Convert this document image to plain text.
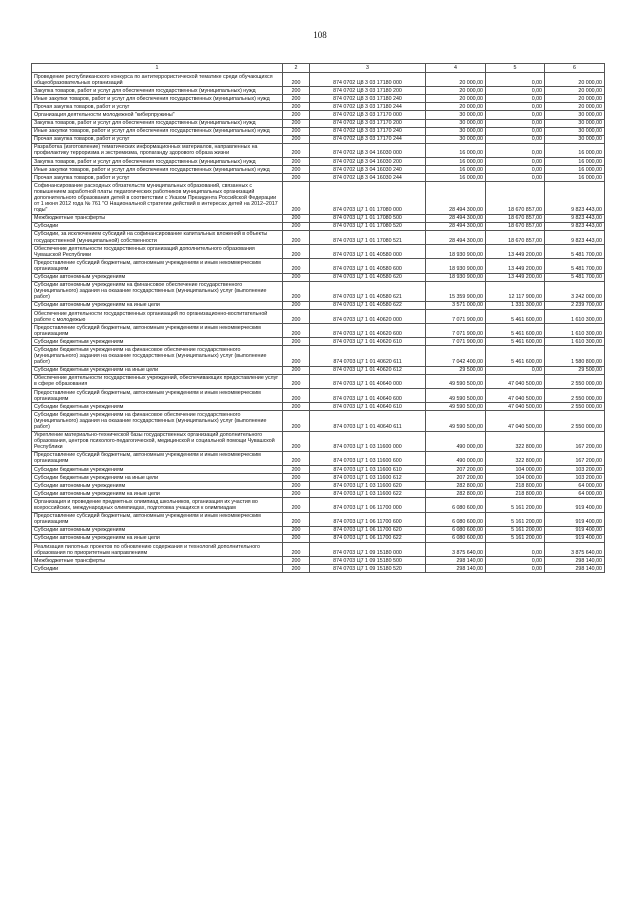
108
1	2	3	4	5	6
Проведение республиканского конкурса по антитеррористической тематике среди обучающихся общеобразовательных организаций	200	874 0702 Ц8 3 03 17180 000	20 000,00	0,00	20 000,00
Закупка товаров, работ и услуг для обеспечения государственных (муниципальных) нужд	200	874 0702 Ц8 3 03 17180 200	20 000,00	0,00	20 000,00
Иные закупки товаров, работ и услуг для обеспечения государственных (муниципальных) нужд	200	874 0702 Ц8 3 03 17180 240	20 000,00	0,00	20 000,00
Прочая закупка товаров, работ и услуг	200	874 0702 Ц8 3 03 17180 244	20 000,00	0,00	20 000,00
Организация деятельности молодежной "киберпружины"	200	874 0702 Ц8 3 03 17170 000	30 000,00	0,00	30 000,00
Закупка товаров, работ и услуг для обеспечения государственных (муниципальных) нужд	200	874 0702 Ц8 3 03 17170 200	30 000,00	0,00	30 000,00
Иные закупки товаров, работ и услуг для обеспечения государственных (муниципальных) нужд	200	874 0702 Ц8 3 03 17170 240	30 000,00	0,00	30 000,00
Прочая закупка товаров, работ и услуг	200	874 0702 Ц8 3 03 17170 244	30 000,00	0,00	30 000,00
Разработка (изготовление) тематических информационных материалов, направленных на профилактику терроризма и экстремизма, пропаганду здорового образа жизни	200	874 0702 Ц8 3 04 16030 000	16 000,00	0,00	16 000,00
Закупка товаров, работ и услуг для обеспечения государственных (муниципальных) нужд	200	874 0702 Ц8 3 04 16030 200	16 000,00	0,00	16 000,00
Иные закупки товаров, работ и услуг для обеспечения государственных (муниципальных) нужд	200	874 0702 Ц8 3 04 16030 240	16 000,00	0,00	16 000,00
Прочая закупка товаров, работ и услуг	200	874 0702 Ц8 3 04 16030 244	16 000,00	0,00	16 000,00
Софинансирование расходных обязательств муниципальных образований, связанных с повышением заработной платы педагогических работников муниципальных организаций дополнительного образования детей в соответствии с Указом Президента Российской Федерации от 1 июня 2012 года № 761 "О Национальной стратегии действий в интересах детей на 2012–2017 годы"	200	874 0703 Ц7 1 01 17080 000	28 494 300,00	18 670 857,00	9 823 443,00
Межбюджетные трансферты	200	874 0703 Ц7 1 01 17080 500	28 494 300,00	18 670 857,00	9 823 443,00
Субсидии	200	874 0703 Ц7 1 01 17080 520	28 494 300,00	18 670 857,00	9 823 443,00
Субсидии, за исключением субсидий на софинансирование капитальных вложений в объекты государственной (муниципальной) собственности	200	874 0703 Ц7 1 01 17080 521	28 494 300,00	18 670 857,00	9 823 443,00
Обеспечение деятельности государственных организаций дополнительного образования Чувашской Республики	200	874 0703 Ц7 1 01 40580 000	18 930 900,00	13 449 200,00	5 481 700,00
Предоставление субсидий бюджетным, автономным учреждениям и иным некоммерческим организациям	200	874 0703 Ц7 1 01 40580 600	18 930 900,00	13 449 200,00	5 481 700,00
Субсидии автономным учреждениям	200	874 0703 Ц7 1 01 40580 620	18 930 900,00	13 449 200,00	5 481 700,00
Субсидии автономным учреждениям на финансовое обеспечение государственного (муниципального) задания на оказание государственных (муниципальных) услуг (выполнение работ)	200	874 0703 Ц7 1 01 40580 621	15 359 900,00	12 117 900,00	3 242 000,00
Субсидии автономным учреждениям на иные цели	200	874 0703 Ц7 1 01 40580 622	3 571 000,00	1 331 300,00	2 239 700,00
Обеспечение деятельности государственных организаций по организационно-воспитательной работе с молодежью	200	874 0703 Ц7 1 01 40620 000	7 071 900,00	5 461 600,00	1 610 300,00
Предоставление субсидий бюджетным, автономным учреждениям и иным некоммерческим организациям	200	874 0703 Ц7 1 01 40620 600	7 071 900,00	5 461 600,00	1 610 300,00
Субсидии бюджетным учреждениям	200	874 0703 Ц7 1 01 40620 610	7 071 900,00	5 461 600,00	1 610 300,00
Субсидии бюджетным учреждениям на финансовое обеспечение государственного (муниципального) задания на оказание государственных (муниципальных) услуг (выполнение работ)	200	874 0703 Ц7 1 01 40620 611	7 042 400,00	5 461 600,00	1 580 800,00
Субсидии бюджетным учреждениям на иные цели	200	874 0703 Ц7 1 01 40620 612	29 500,00	0,00	29 500,00
Обеспечение деятельности государственных учреждений, обеспечивающих предоставление услуг в сфере образования	200	874 0703 Ц7 1 01 40640 000	49 590 500,00	47 040 500,00	2 550 000,00
Предоставление субсидий бюджетным, автономным учреждениям и иным некоммерческим организациям	200	874 0703 Ц7 1 01 40640 600	49 590 500,00	47 040 500,00	2 550 000,00
Субсидии бюджетным учреждениям	200	874 0703 Ц7 1 01 40640 610	49 590 500,00	47 040 500,00	2 550 000,00
Субсидии бюджетным учреждениям на финансовое обеспечение государственного (муниципального) задания на оказание государственных (муниципальных) услуг (выполнение работ)	200	874 0703 Ц7 1 01 40640 611	49 590 500,00	47 040 500,00	2 550 000,00
Укрепление материально-технической базы государственных организаций дополнительного образования, центров психолого-педагогической, медицинской и социальной помощи Чувашской Республики	200	874 0703 Ц7 1 03 11600 000	490 000,00	322 800,00	167 200,00
Предоставление субсидий бюджетным, автономным учреждениям и иным некоммерческим организациям	200	874 0703 Ц7 1 03 11600 600	490 000,00	322 800,00	167 200,00
Субсидии бюджетным учреждениям	200	874 0703 Ц7 1 03 11600 610	207 200,00	104 000,00	103 200,00
Субсидии бюджетным учреждениям на иные цели	200	874 0703 Ц7 1 03 11600 612	207 200,00	104 000,00	103 200,00
Субсидии автономным учреждениям	200	874 0703 Ц7 1 03 11600 620	282 800,00	218 800,00	64 000,00
Субсидии автономным учреждениям на иные цели	200	874 0703 Ц7 1 03 11600 622	282 800,00	218 800,00	64 000,00
Организация и проведение предметных олимпиад школьников, организация их участия во всероссийских, международных олимпиадах, подготовка учащихся к олимпиадам	200	874 0703 Ц7 1 06 11700 000	6 080 600,00	5 161 200,00	919 400,00
Предоставление субсидий бюджетным, автономным учреждениям и иным некоммерческим организациям	200	874 0703 Ц7 1 06 11700 600	6 080 600,00	5 161 200,00	919 400,00
Субсидии автономным учреждениям	200	874 0703 Ц7 1 06 11700 620	6 080 600,00	5 161 200,00	919 400,00
Субсидии автономным учреждениям на иные цели	200	874 0703 Ц7 1 06 11700 622	6 080 600,00	5 161 200,00	919 400,00
Реализация пилотных проектов по обновлению содержания и технологий дополнительного образования по приоритетным направлениям	200	874 0703 Ц7 1 09 15180 000	3 875 640,00	0,00	3 875 640,00
Межбюджетные трансферты	200	874 0703 Ц7 1 09 15180 500	298 140,00	0,00	298 140,00
Субсидии	200	874 0703 Ц7 1 09 15180 520	298 140,00	0,00	298 140,00
